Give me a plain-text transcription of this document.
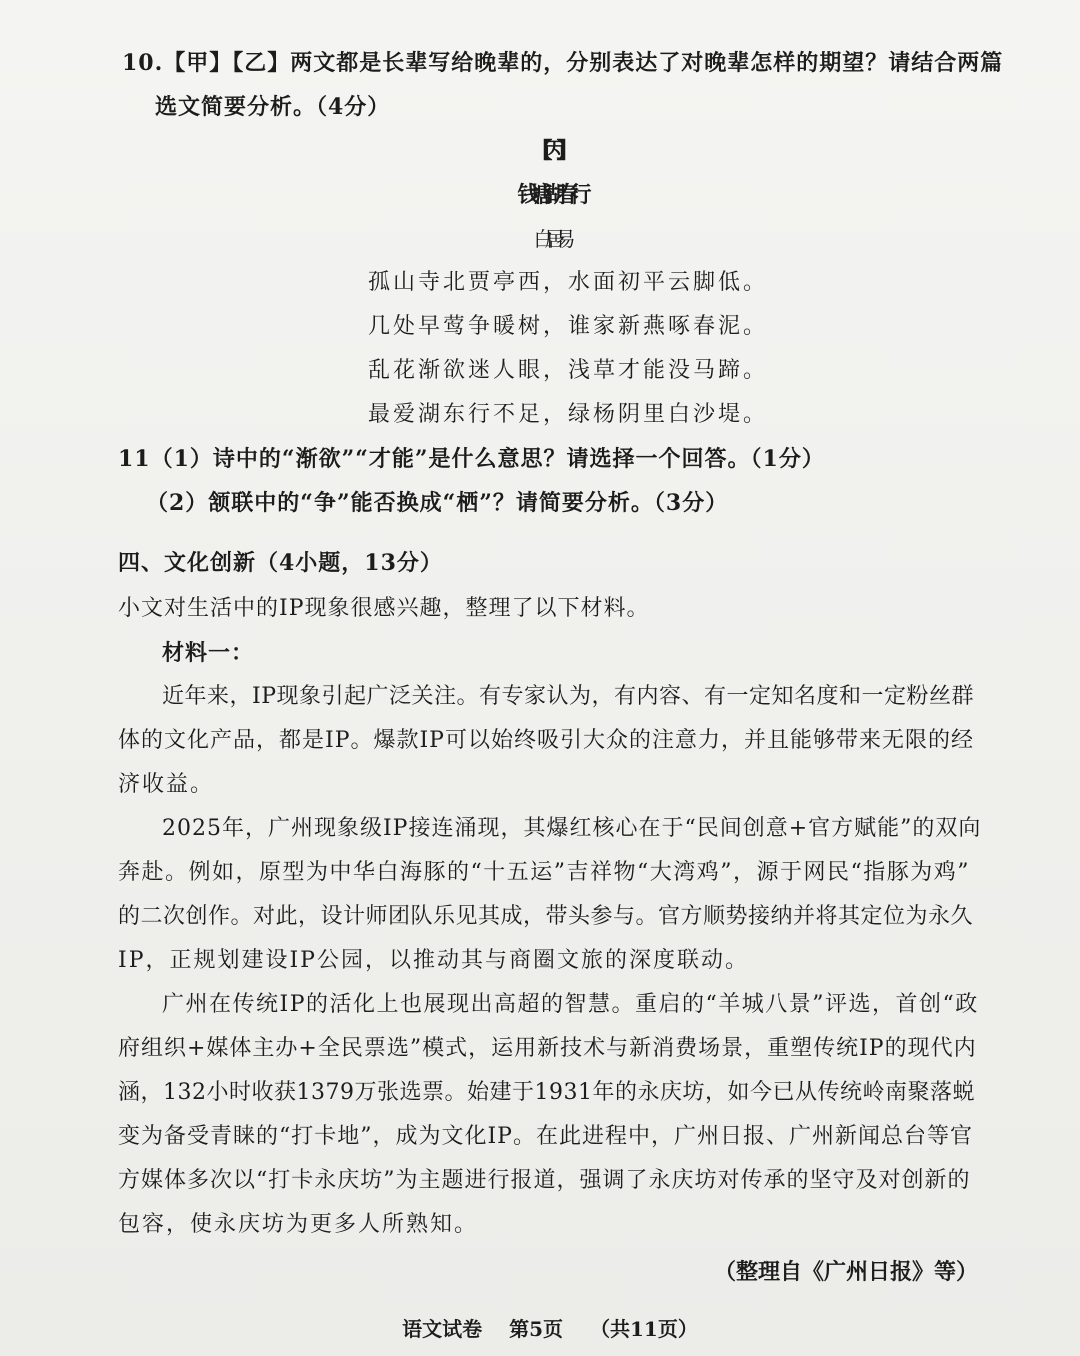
10.【甲】【乙】两文都是长辈写给晚辈的，分别表达了对晚辈怎样的期望？请结合两篇
选文简要分析。（4分）
【丙】
钱塘湖春行
白居易
孤山寺北贾亭西，水面初平云脚低。
几处早莺争暖树，谁家新燕啄春泥。
乱花渐欲迷人眼，浅草才能没马蹄。
最爱湖东行不足，绿杨阴里白沙堤。
11（1）诗中的“渐欲”“才能”是什么意思？请选择一个回答。（1分）
（2）颔联中的“争”能否换成“栖”？请简要分析。（3分）
四、文化创新（4小题，13分）
小文对生活中的IP现象很感兴趣，整理了以下材料。
材料一：
近年来，IP现象引起广泛关注。有专家认为，有内容、有一定知名度和一定粉丝群
体的文化产品，都是IP。爆款IP可以始终吸引大众的注意力，并且能够带来无限的经
济收益。
2025年，广州现象级IP接连涌现，其爆红核心在于“民间创意+官方赋能”的双向
奔赴。例如，原型为中华白海豚的“十五运”吉祥物“大湾鸡”，源于网民“指豚为鸡”
的二次创作。对此，设计师团队乐见其成，带头参与。官方顺势接纳并将其定位为永久
IP，正规划建设IP公园，以推动其与商圈文旅的深度联动。
广州在传统IP的活化上也展现出高超的智慧。重启的“羊城八景”评选，首创“政
府组织+媒体主办+全民票选”模式，运用新技术与新消费场景，重塑传统IP的现代内
涵，132小时收获1379万张选票。始建于1931年的永庆坊，如今已从传统岭南聚落蜕
变为备受青睐的“打卡地”，成为文化IP。在此进程中，广州日报、广州新闻总台等官
方媒体多次以“打卡永庆坊”为主题进行报道，强调了永庆坊对传承的坚守及对创新的
包容，使永庆坊为更多人所熟知。
（整理自《广州日报》等）
语文试卷 第5页 （共11页）
